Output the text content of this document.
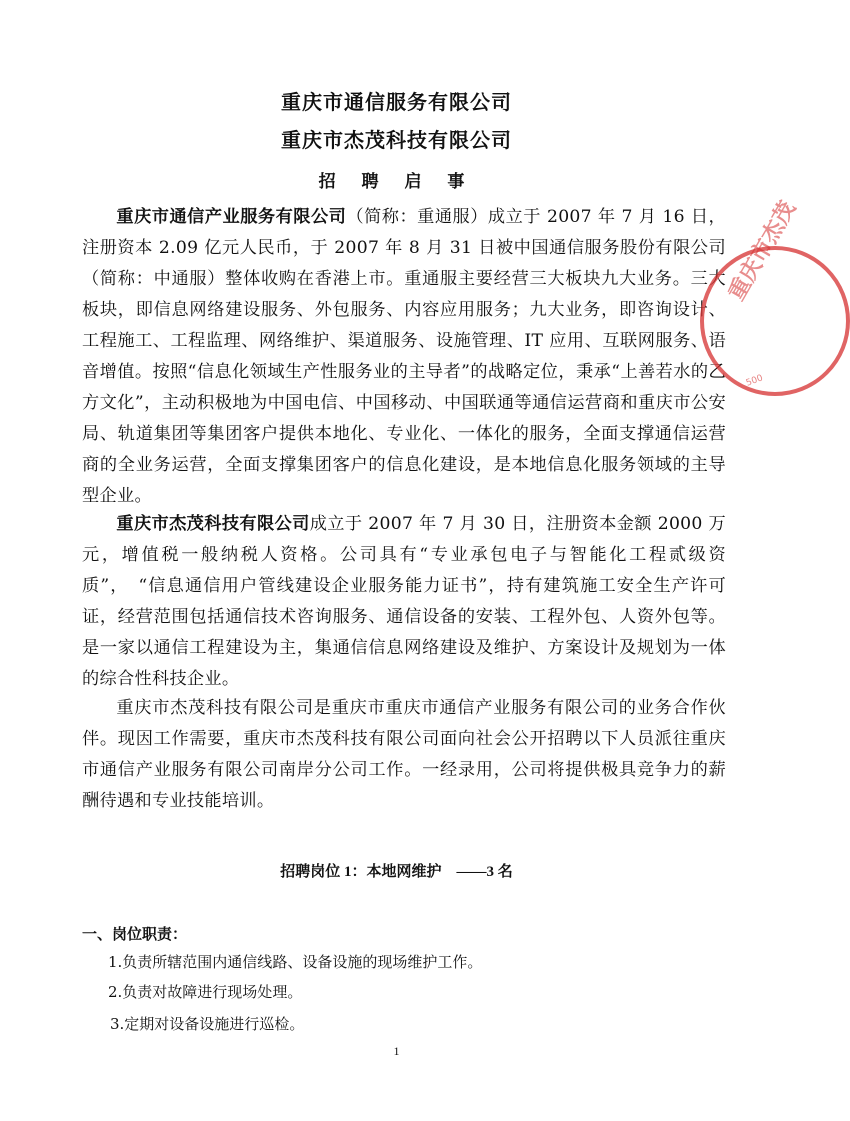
重庆市通信服务有限公司
重庆市杰茂科技有限公司
招 聘 启 事

重庆市通信产业服务有限公司（简称：重通服）成立于 2007 年 7 月 16 日，注册资本 2.09 亿元人民币，于 2007 年 8 月 31 日被中国通信服务股份有限公司（简称：中通服）整体收购在香港上市。重通服主要经营三大板块九大业务。三大板块，即信息网络建设服务、外包服务、内容应用服务；九大业务，即咨询设计、工程施工、工程监理、网络维护、渠道服务、设施管理、IT 应用、互联网服务、语音增值。按照“信息化领域生产性服务业的主导者”的战略定位，秉承“上善若水的乙方文化”，主动积极地为中国电信、中国移动、中国联通等通信运营商和重庆市公安局、轨道集团等集团客户提供本地化、专业化、一体化的服务，全面支撑通信运营商的全业务运营，全面支撑集团客户的信息化建设，是本地信息化服务领域的主导型企业。

重庆市杰茂科技有限公司成立于 2007 年 7 月 30 日，注册资本金额 2000 万元，增值税一般纳税人资格。公司具有“专业承包电子与智能化工程贰级资质”，　“信息通信用户管线建设企业服务能力证书”，持有建筑施工安全生产许可证，经营范围包括通信技术咨询服务、通信设备的安装、工程外包、人资外包等。是一家以通信工程建设为主，集通信信息网络建设及维护、方案设计及规划为一体的综合性科技企业。

重庆市杰茂科技有限公司是重庆市重庆市通信产业服务有限公司的业务合作伙伴。现因工作需要，重庆市杰茂科技有限公司面向社会公开招聘以下人员派往重庆市通信产业服务有限公司南岸分公司工作。一经录用，公司将提供极具竞争力的薪酬待遇和专业技能培训。

招聘岗位 1：本地网维护　——3 名
一、岗位职责：
1.负责所辖范围内通信线路、设备设施的现场维护工作。
2.负责对故障进行现场处理。
3.定期对设备设施进行巡检。
1
重庆市杰茂
500
